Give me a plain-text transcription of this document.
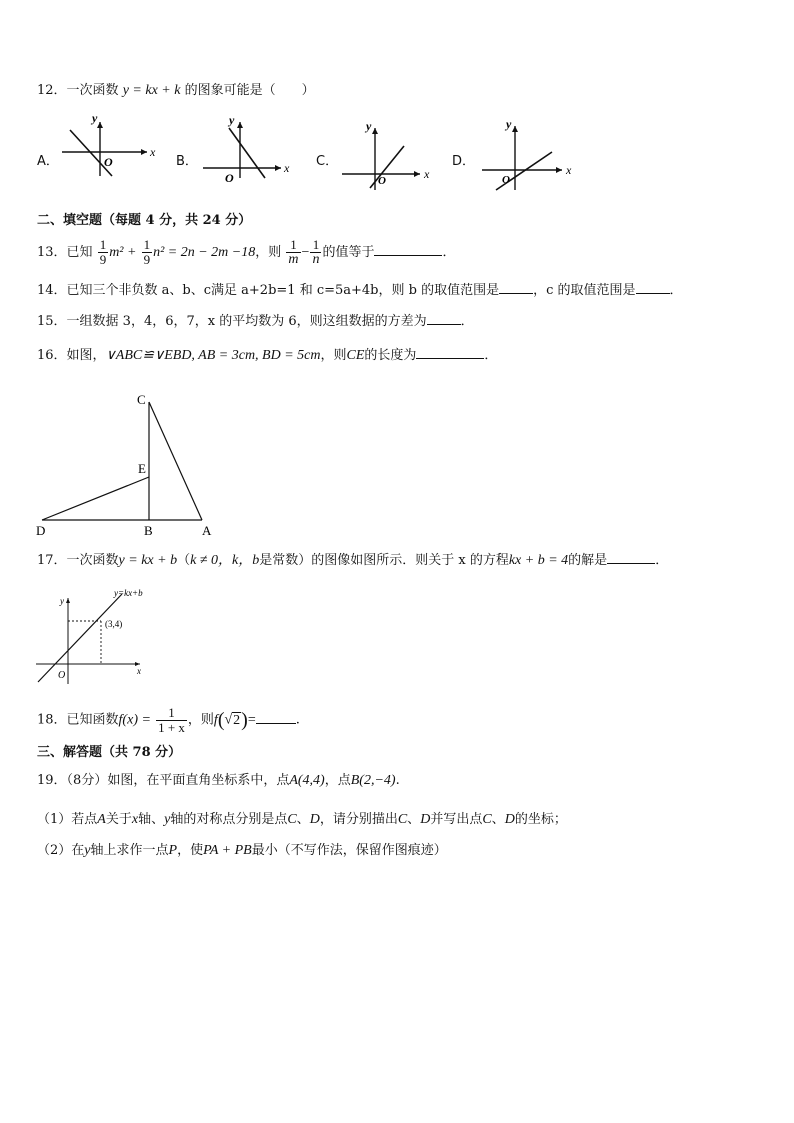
12．一次函数 y = kx + k 的图象可能是（　　）
A．
y
x
O	B．
y
x
O
C．
y
x
O
D．
y
x
O
二、填空题（每题 4 分，共 24 分）
13．已知 $\frac{1}{9} m^2 + \frac{1}{9} n^2 = 2n - 2m -18$，则 $\frac{1}{m} - \frac{1}{n}$ 的值等于	．
14．已知三个非负数 a、b、c满足 a+2b=1 和 c=5a+4b，则 b 的取值范围是	，c 的取值范围是	．
15．一组数据 3，4，6，7，x 的平均数为 6，则这组数据的方差为	．
16．如图，∨ABC≌∨EBD, AB = 3cm, BD = 5cm，则CE的长度为	．
C
E
D	B	A
17．一次函数y = kx + b（k ≠ 0，k，b是常数）的图像如图所示．则关于 x 的方程kx + b = 4的解是	．
y=kx+b
(3,4)
y
x
O
18．已知函数$f(x) = \frac{1}{1 + x}$ ，则f(√2)=	.
三、解答题（共 78 分）
19．（8分）如图，在平面直角坐标系中，点A(4,4)，点B(2,−4).
（1）若点A关于x轴、y轴的对称点分别是点C、D，请分别描出C、D并写出点C、D的坐标；
（2）在y轴上求作一点P，使PA + PB最小（不写作法，保留作图痕迹）
